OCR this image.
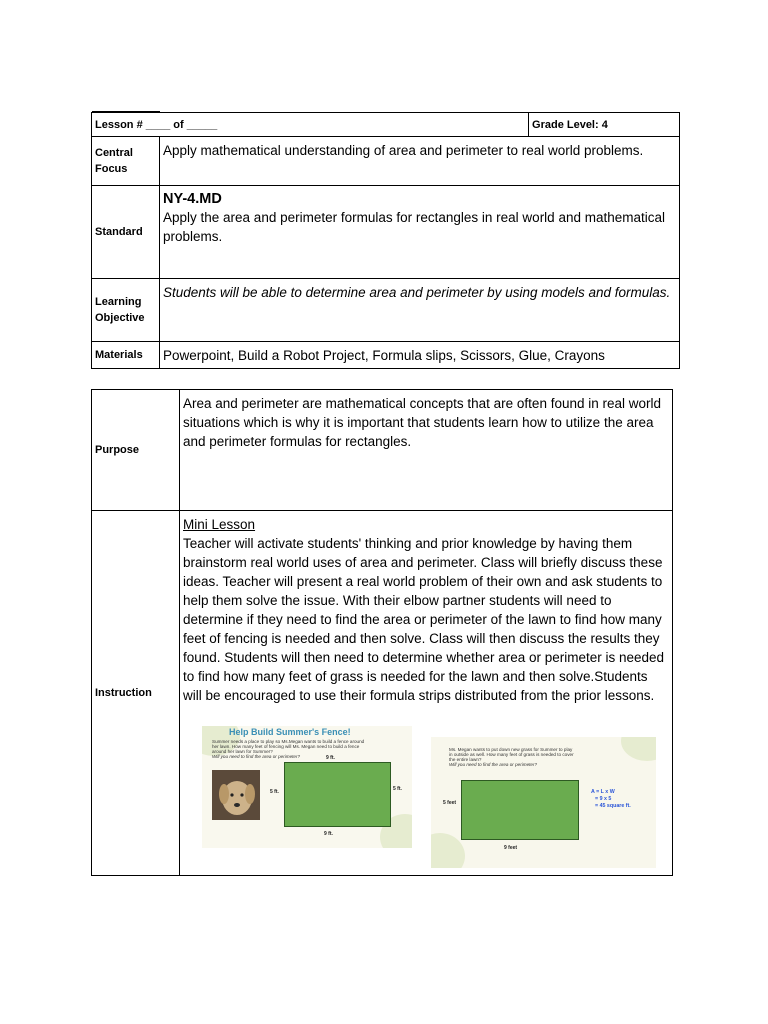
Lesson # ____ of _____		Grade Level: 4
Central Focus	Apply mathematical understanding of area and perimeter to real world problems.	
Standard	NY-4.MD
Apply the area and perimeter formulas for rectangles in real world and mathematical problems.	

Learning Objective	Students will be able to determine area and perimeter by using models and formulas.	
Materials	Powerpoint, Build a Robot Project, Formula slips, Scissors, Glue, Crayons	
Purpose	Area and perimeter are mathematical concepts that are often found in real world situations which is why it is important that students learn how to utilize the area and perimeter formulas for rectangles.
Instruction	Mini Lesson
Teacher will activate students' thinking and prior knowledge by having them brainstorm real world uses of area and perimeter. Class will briefly discuss these ideas. Teacher will present a real world problem of their own and ask students to help them solve the issue. With their elbow partner students will need to determine if they need to find the area or perimeter of the lawn to find how many feet of fencing is needed and then solve. Class will then discuss the results they found. Students will then need to determine whether area or perimeter is needed to find how many feet of grass is needed for the lawn and then solve.Students will be encouraged to use their formula strips distributed from the prior lessons.
Help Build Summer's Fence!
Summer needs a place to play so Ms.Megan wants to build a fence around
her lawn. How many feet of fencing will Ms. Megan need to build a fence
around her lawn for Summer?
Will you need to find the area or perimeter?	9 ft.
5 ft.	5 ft.
9 ft.
Ms. Megan wants to put down new grass for Summer to play
in outside as well. How many feet of grass is needed to cover
the entire lawn?
Will you need to find the area or perimeter?
5 feet
A = L x W
= 9 x 5
= 45 square ft.
9 feet
